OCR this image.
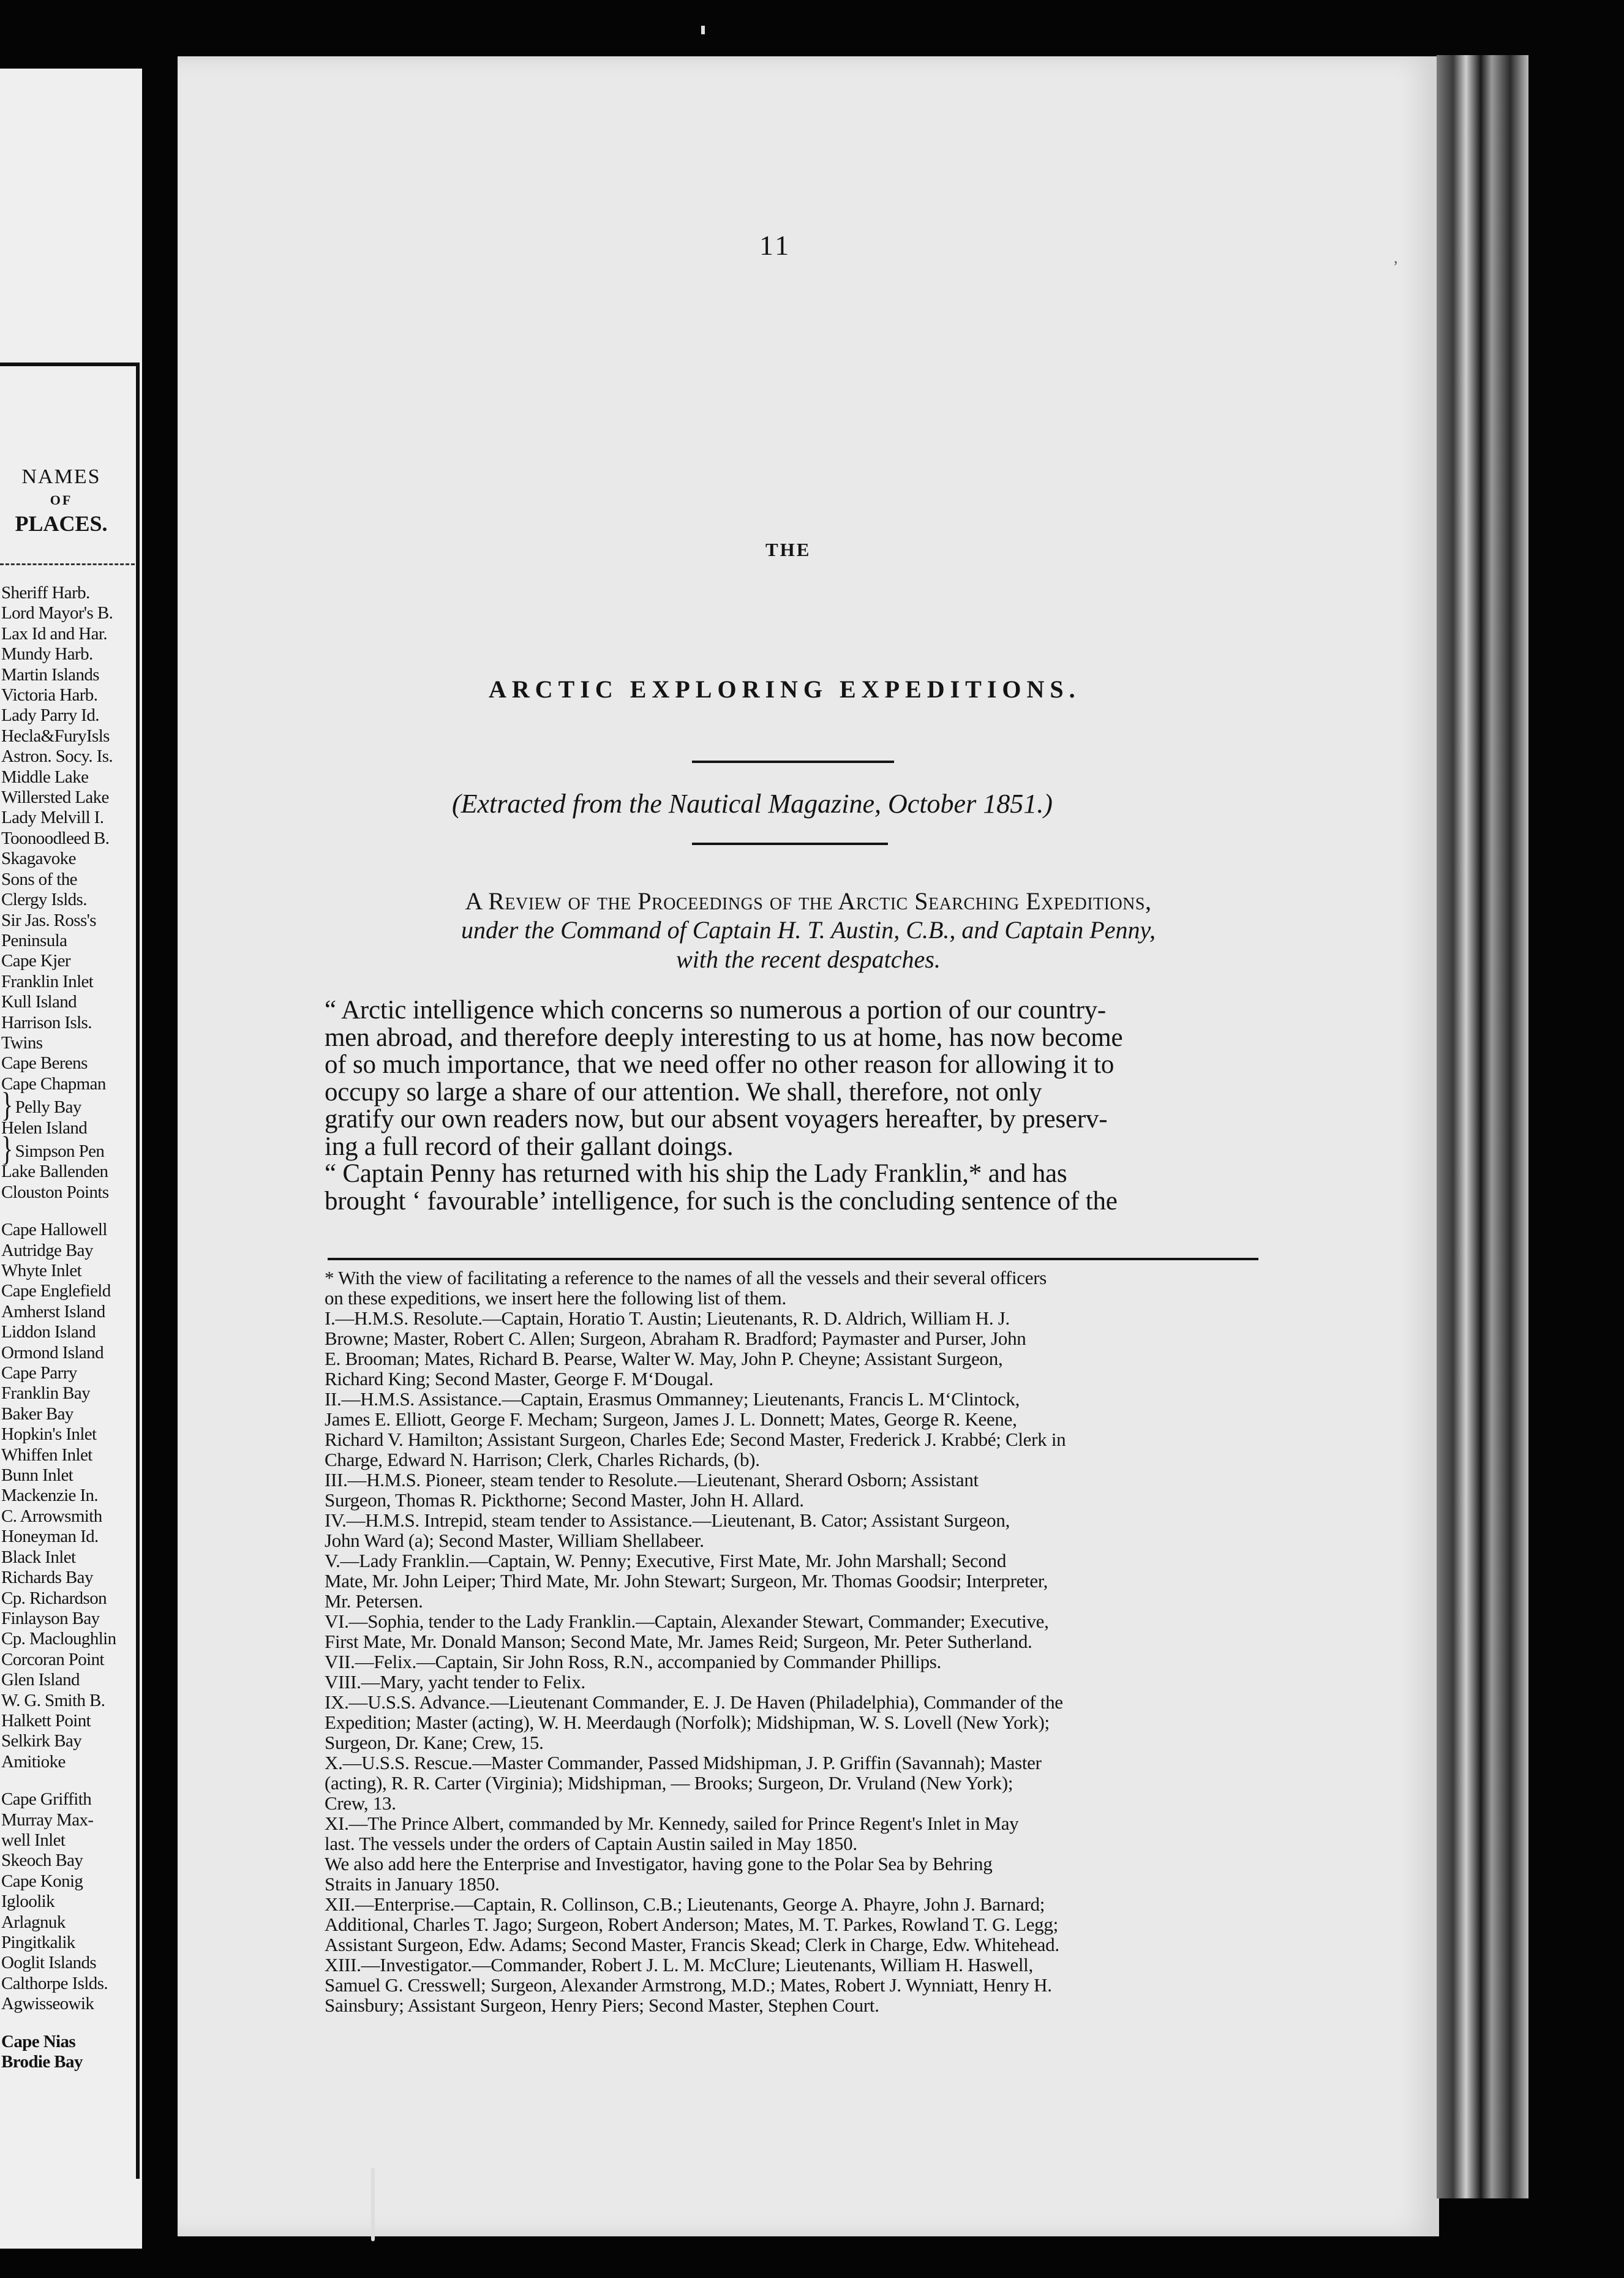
NAMES
OF
PLACES.
Sheriff Harb.
Lord Mayor's B.
Lax Id and Har.
Mundy Harb.
Martin Islands
Victoria Harb.
Lady Parry Id.
Hecla&FuryIsls
Astron. Socy. Is.
Middle Lake
Willersted Lake
Lady Melvill I.
Toonoodleed B.
Skagavoke
Sons of the
Clergy Islds.
Sir Jas. Ross's
Peninsula
Cape Kjer
Franklin Inlet
Kull Island
Harrison Isls.
Twins
Cape Berens
Cape Chapman
} Pelly Bay
Helen Island
} Simpson Pen
Lake Ballenden
Clouston Points
Cape Hallowell
Autridge Bay
Whyte Inlet
Cape Englefield
Amherst Island
Liddon Island
Ormond Island
Cape Parry
Franklin Bay
Baker Bay
Hopkin's Inlet
Whiffen Inlet
Bunn Inlet
Mackenzie In.
C. Arrowsmith
Honeyman Id.
Black Inlet
Richards Bay
Cp. Richardson
Finlayson Bay
Cp. Macloughlin
Corcoran Point
Glen Island
W. G. Smith B.
Halkett Point
Selkirk Bay
Amitioke
Cape Griffith
Murray Max-
well Inlet
Skeoch Bay
Cape Konig
Igloolik
Arlagnuk
Pingitkalik
Ooglit Islands
Calthorpe Islds.
Agwisseowik
Cape Nias
Brodie Bay
11
THE
ARCTIC EXPLORING EXPEDITIONS.
(Extracted from the Nautical Magazine, October 1851.)
A Review of the Proceedings of the Arctic Searching Expeditions,
under the Command of Captain H. T. Austin, C.B., and Captain Penny,
with the recent despatches.
“ Arctic intelligence which concerns so numerous a portion of our country-
men abroad, and therefore deeply interesting to us at home, has now become
of so much importance, that we need offer no other reason for allowing it to
occupy so large a share of our attention. We shall, therefore, not only
gratify our own readers now, but our absent voyagers hereafter, by preserv-
ing a full record of their gallant doings.
“ Captain Penny has returned with his ship the Lady Franklin,* and has
brought ‘ favourable’ intelligence, for such is the concluding sentence of the
* With the view of facilitating a reference to the names of all the vessels and their several officers
on these expeditions, we insert here the following list of them.
I.—H.M.S. Resolute.—Captain, Horatio T. Austin; Lieutenants, R. D. Aldrich, William H. J.
Browne; Master, Robert C. Allen; Surgeon, Abraham R. Bradford; Paymaster and Purser, John
E. Brooman; Mates, Richard B. Pearse, Walter W. May, John P. Cheyne; Assistant Surgeon,
Richard King; Second Master, George F. M‘Dougal.
II.—H.M.S. Assistance.—Captain, Erasmus Ommanney; Lieutenants, Francis L. M‘Clintock,
James E. Elliott, George F. Mecham; Surgeon, James J. L. Donnett; Mates, George R. Keene,
Richard V. Hamilton; Assistant Surgeon, Charles Ede; Second Master, Frederick J. Krabbé; Clerk in
Charge, Edward N. Harrison; Clerk, Charles Richards, (b).
III.—H.M.S. Pioneer, steam tender to Resolute.—Lieutenant, Sherard Osborn; Assistant
Surgeon, Thomas R. Pickthorne; Second Master, John H. Allard.
IV.—H.M.S. Intrepid, steam tender to Assistance.—Lieutenant, B. Cator; Assistant Surgeon,
John Ward (a); Second Master, William Shellabeer.
V.—Lady Franklin.—Captain, W. Penny; Executive, First Mate, Mr. John Marshall; Second
Mate, Mr. John Leiper; Third Mate, Mr. John Stewart; Surgeon, Mr. Thomas Goodsir; Interpreter,
Mr. Petersen.
VI.—Sophia, tender to the Lady Franklin.—Captain, Alexander Stewart, Commander; Executive,
First Mate, Mr. Donald Manson; Second Mate, Mr. James Reid; Surgeon, Mr. Peter Sutherland.
VII.—Felix.—Captain, Sir John Ross, R.N., accompanied by Commander Phillips.
VIII.—Mary, yacht tender to Felix.
IX.—U.S.S. Advance.—Lieutenant Commander, E. J. De Haven (Philadelphia), Commander of the
Expedition; Master (acting), W. H. Meerdaugh (Norfolk); Midshipman, W. S. Lovell (New York);
Surgeon, Dr. Kane; Crew, 15.
X.—U.S.S. Rescue.—Master Commander, Passed Midshipman, J. P. Griffin (Savannah); Master
(acting), R. R. Carter (Virginia); Midshipman, — Brooks; Surgeon, Dr. Vruland (New York);
Crew, 13.
XI.—The Prince Albert, commanded by Mr. Kennedy, sailed for Prince Regent's Inlet in May
last. The vessels under the orders of Captain Austin sailed in May 1850.
We also add here the Enterprise and Investigator, having gone to the Polar Sea by Behring
Straits in January 1850.
XII.—Enterprise.—Captain, R. Collinson, C.B.; Lieutenants, George A. Phayre, John J. Barnard;
Additional, Charles T. Jago; Surgeon, Robert Anderson; Mates, M. T. Parkes, Rowland T. G. Legg;
Assistant Surgeon, Edw. Adams; Second Master, Francis Skead; Clerk in Charge, Edw. Whitehead.
XIII.—Investigator.—Commander, Robert J. L. M. McClure; Lieutenants, William H. Haswell,
Samuel G. Cresswell; Surgeon, Alexander Armstrong, M.D.; Mates, Robert J. Wynniatt, Henry H.
Sainsbury; Assistant Surgeon, Henry Piers; Second Master, Stephen Court.
,
